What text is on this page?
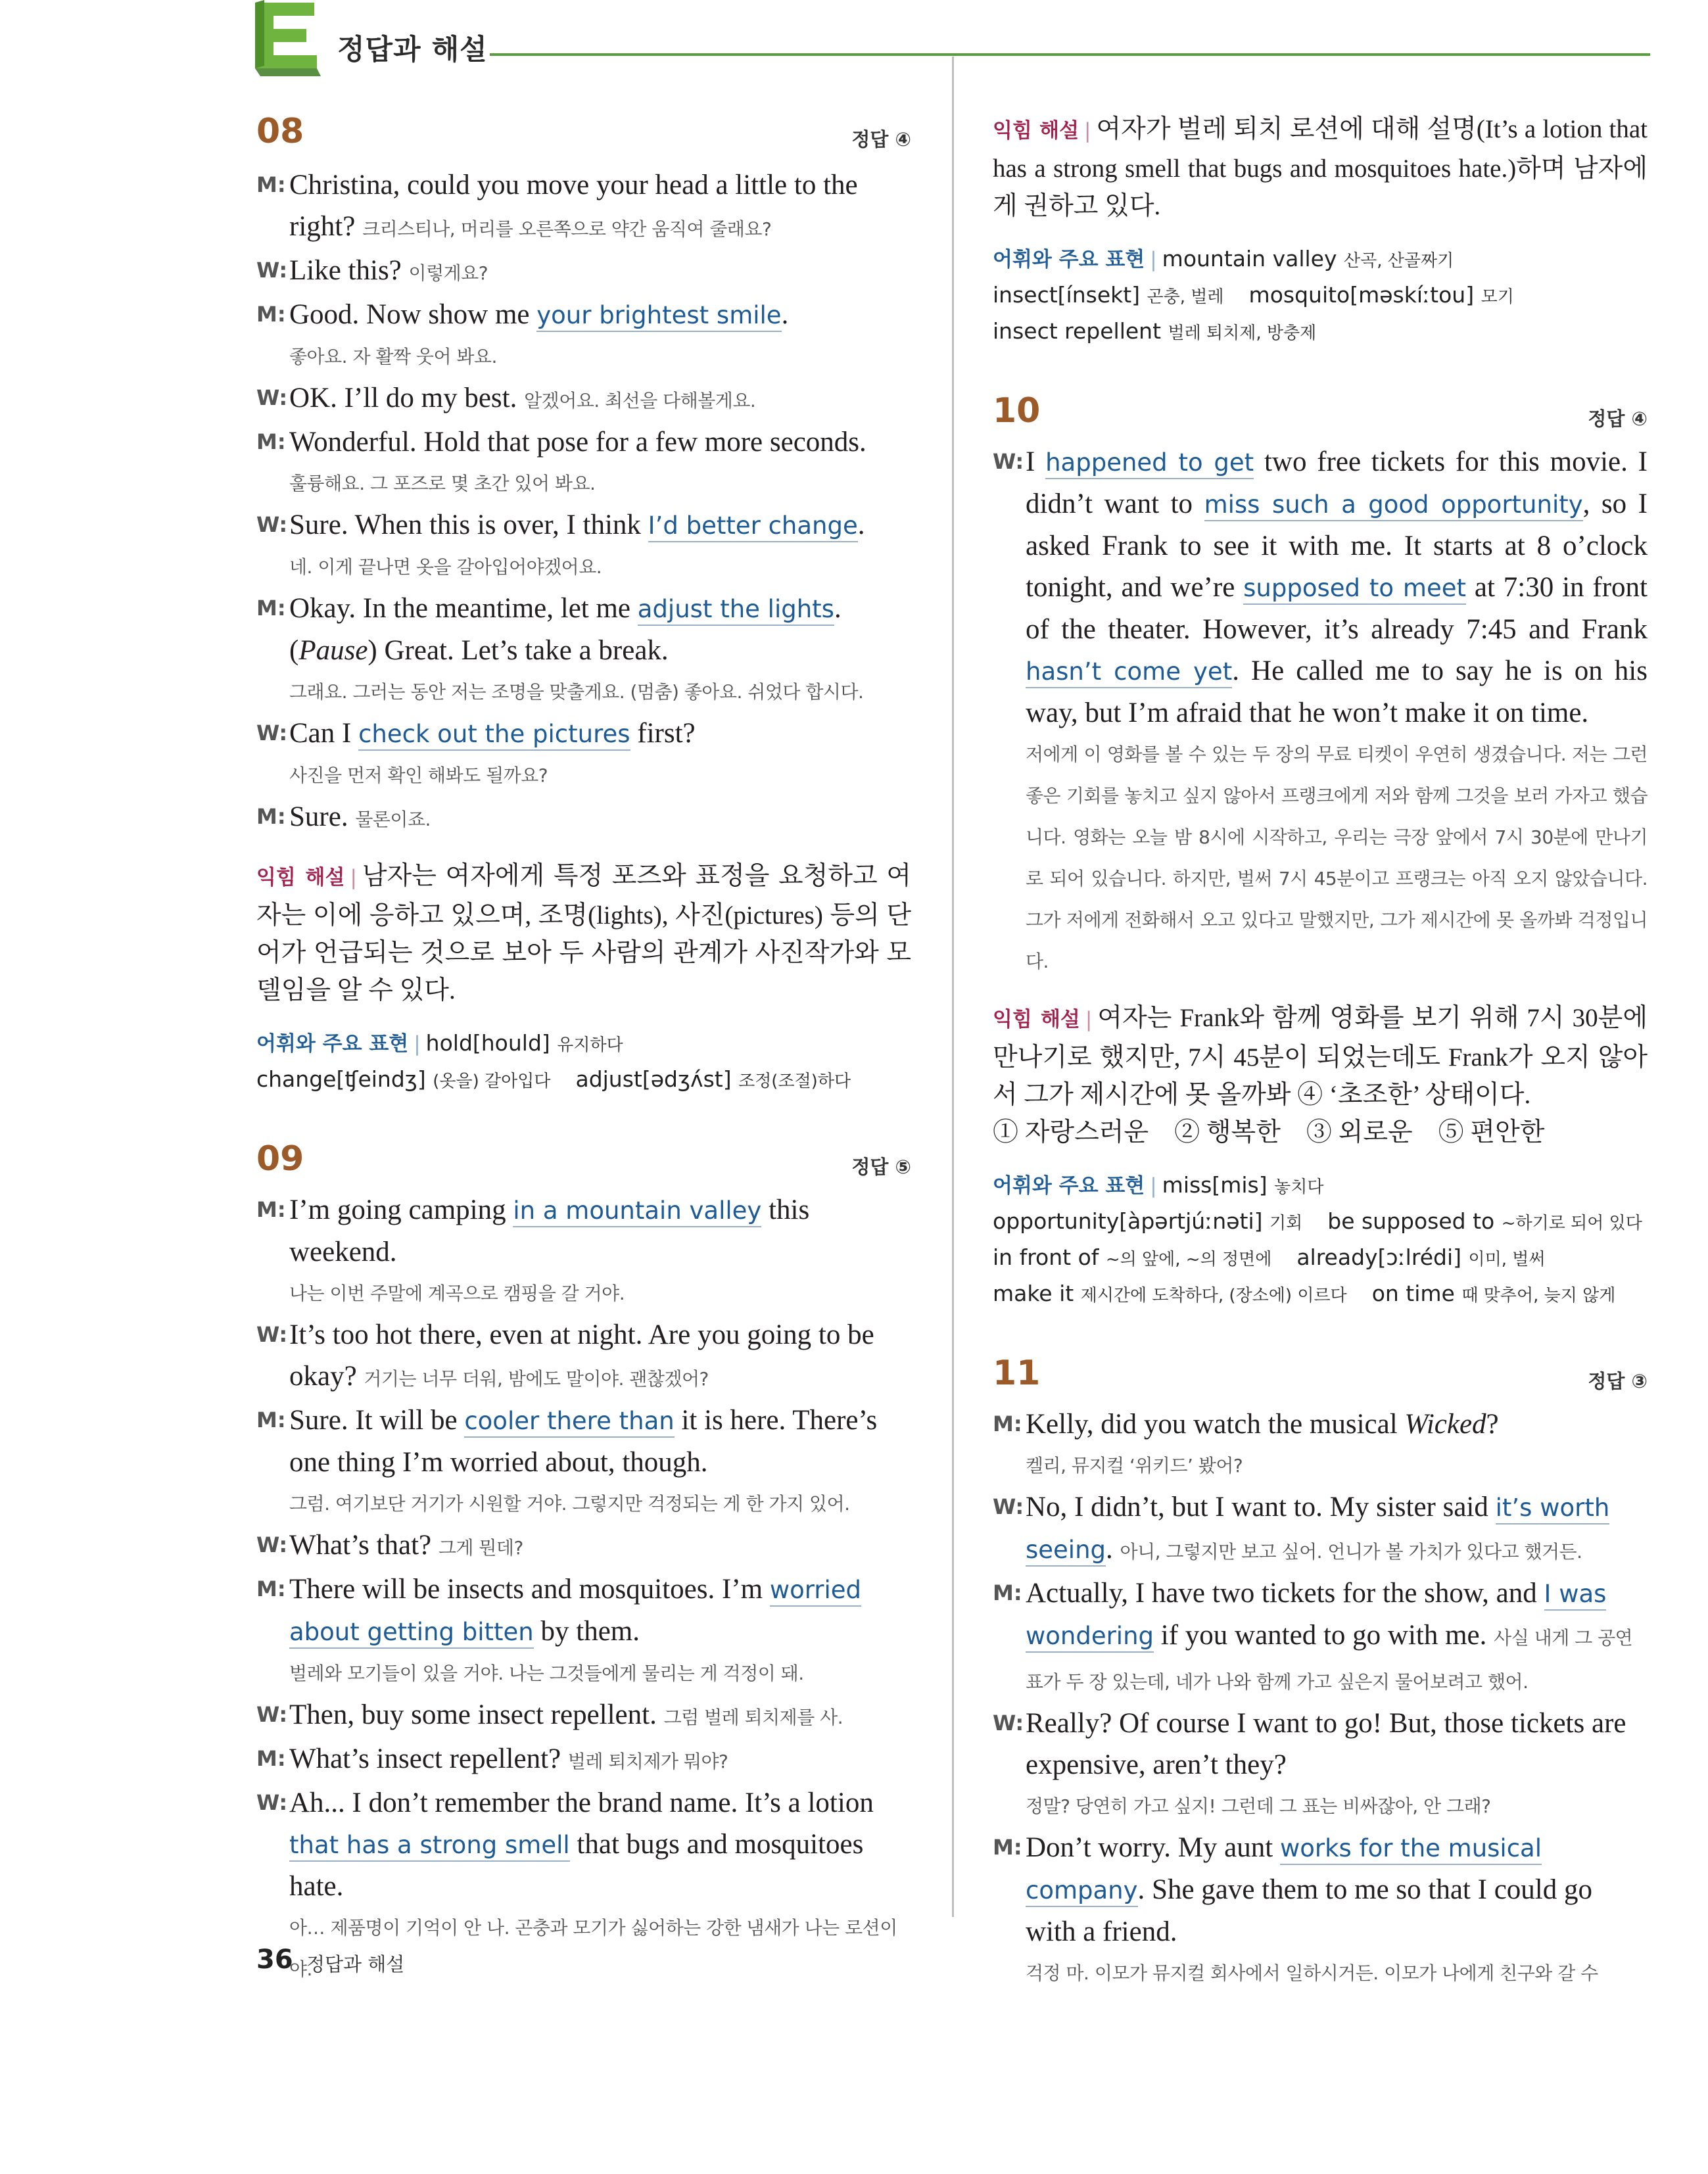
정답과 해설
08	정답 ④
M: Christina, could you move your head a little to the right? 크리스티나, 머리를 오른쪽으로 약간 움직여 줄래요?
W: Like this? 이렇게요?
M: Good. Now show me your brightest smile.
좋아요. 자 활짝 웃어 봐요.
W: OK. I’ll do my best. 알겠어요. 최선을 다해볼게요.
M: Wonderful. Hold that pose for a few more seconds.
훌륭해요. 그 포즈로 몇 초간 있어 봐요.
W: Sure. When this is over, I think I’d better change.
네. 이게 끝나면 옷을 갈아입어야겠어요.
M: Okay. In the meantime, let me adjust the lights. (Pause) Great. Let’s take a break.
그래요. 그러는 동안 저는 조명을 맞출게요. (멈춤) 좋아요. 쉬었다 합시다.
W: Can I check out the pictures first?
사진을 먼저 확인 해봐도 될까요?
M: Sure. 물론이죠.
익힘 해설 | 남자는 여자에게 특정 포즈와 표정을 요청하고 여자는 이에 응하고 있으며, 조명(lights), 사진(pictures) 등의 단어가 언급되는 것으로 보아 두 사람의 관계가 사진작가와 모델임을 알 수 있다.
어휘와 주요 표현 | hold[hould] 유지하다
change[ʧeindʒ] (옷을) 갈아입다 adjust[ədʒʌ́st] 조정(조절)하다
09	정답 ⑤
M: I’m going camping in a mountain valley this weekend.
나는 이번 주말에 계곡으로 캠핑을 갈 거야.
W: It’s too hot there, even at night. Are you going to be okay? 거기는 너무 더워, 밤에도 말이야. 괜찮겠어?
M: Sure. It will be cooler there than it is here. There’s one thing I’m worried about, though.
그럼. 여기보단 거기가 시원할 거야. 그렇지만 걱정되는 게 한 가지 있어.
W: What’s that? 그게 뭔데?
M: There will be insects and mosquitoes. I’m worried about getting bitten by them.
벌레와 모기들이 있을 거야. 나는 그것들에게 물리는 게 걱정이 돼.
W: Then, buy some insect repellent. 그럼 벌레 퇴치제를 사.
M: What’s insect repellent? 벌레 퇴치제가 뭐야?
W: Ah... I don’t remember the brand name. It’s a lotion that has a strong smell that bugs and mosquitoes hate.
아… 제품명이 기억이 안 나. 곤충과 모기가 싫어하는 강한 냄새가 나는 로션이야.
익힘 해설 | 여자가 벌레 퇴치 로션에 대해 설명(It’s a lotion that has a strong smell that bugs and mosquitoes hate.)하며 남자에게 권하고 있다.
어휘와 주요 표현 | mountain valley 산곡, 산골짜기
insect[ínsekt] 곤충, 벌레 mosquito[məskíːtou] 모기
insect repellent 벌레 퇴치제, 방충제
10	정답 ④
W: I happened to get two free tickets for this movie. I didn’t want to miss such a good opportunity, so I asked Frank to see it with me. It starts at 8 o’clock tonight, and we’re supposed to meet at 7:30 in front of the theater. However, it’s already 7:45 and Frank hasn’t come yet. He called me to say he is on his way, but I’m afraid that he won’t make it on time.
저에게 이 영화를 볼 수 있는 두 장의 무료 티켓이 우연히 생겼습니다. 저는 그런 좋은 기회를 놓치고 싶지 않아서 프랭크에게 저와 함께 그것을 보러 가자고 했습니다. 영화는 오늘 밤 8시에 시작하고, 우리는 극장 앞에서 7시 30분에 만나기로 되어 있습니다. 하지만, 벌써 7시 45분이고 프랭크는 아직 오지 않았습니다. 그가 저에게 전화해서 오고 있다고 말했지만, 그가 제시간에 못 올까봐 걱정입니다.
익힘 해설 | 여자는 Frank와 함께 영화를 보기 위해 7시 30분에 만나기로 했지만, 7시 45분이 되었는데도 Frank가 오지 않아서 그가 제시간에 못 올까봐 ④ ‘초조한’ 상태이다.
① 자랑스러운　② 행복한　③ 외로운　⑤ 편안한
어휘와 주요 표현 | miss[mis] 놓치다
opportunity[àpərtjúːnəti] 기회 be supposed to ~하기로 되어 있다
in front of ~의 앞에, ~의 정면에 already[ɔːlrédi] 이미, 벌써
make it 제시간에 도착하다, (장소에) 이르다 on time 때 맞추어, 늦지 않게
11	정답 ③
M: Kelly, did you watch the musical Wicked?
켈리, 뮤지컬 ‘위키드’ 봤어?
W: No, I didn’t, but I want to. My sister said it’s worth seeing. 아니, 그렇지만 보고 싶어. 언니가 볼 가치가 있다고 했거든.
M: Actually, I have two tickets for the show, and I was wondering if you wanted to go with me. 사실 내게 그 공연 표가 두 장 있는데, 네가 나와 함께 가고 싶은지 물어보려고 했어.
W: Really? Of course I want to go! But, those tickets are expensive, aren’t they?
정말? 당연히 가고 싶지! 그런데 그 표는 비싸잖아, 안 그래?
M: Don’t worry. My aunt works for the musical company. She gave them to me so that I could go with a friend.
걱정 마. 이모가 뮤지컬 회사에서 일하시거든. 이모가 나에게 친구와 갈 수
36 정답과 해설
